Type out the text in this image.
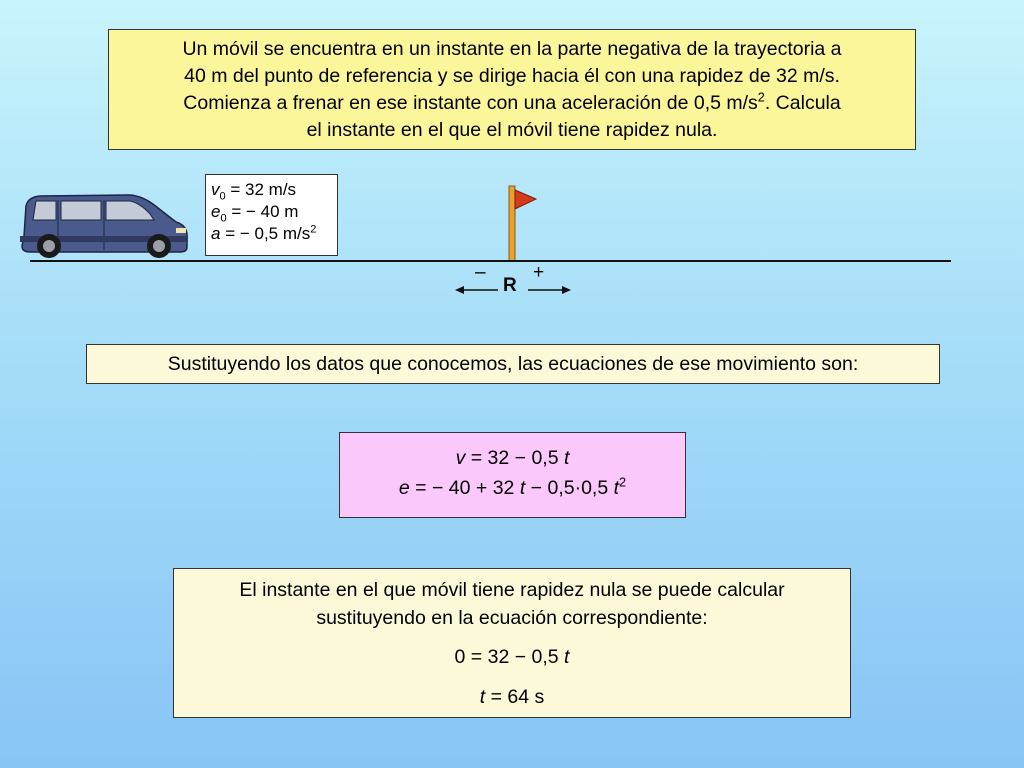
Un móvil se encuentra en un instante en la parte negativa de la trayectoria a
40 m del punto de referencia y se dirige hacia él con una rapidez de 32 m/s.
Comienza a frenar en ese instante con una aceleración de 0,5 $m/s^2$. Calcula
el instante en el que el móvil tiene rapidez nula.
$v_0 = 32$ m/s
$e_0$ = − 40 m
a = − 0,5 $m/s^2$
–
R
+
Sustituyendo los datos que conocemos, las ecuaciones de ese movimiento son:
v = 32 − 0,5 t
e = − 40 + 32 t − 0,5·0,5 $t^2$
El instante en el que móvil tiene rapidez nula se puede calcular
sustituyendo en la ecuación correspondiente:
0 = 32 − 0,5 t
t = 64 s
